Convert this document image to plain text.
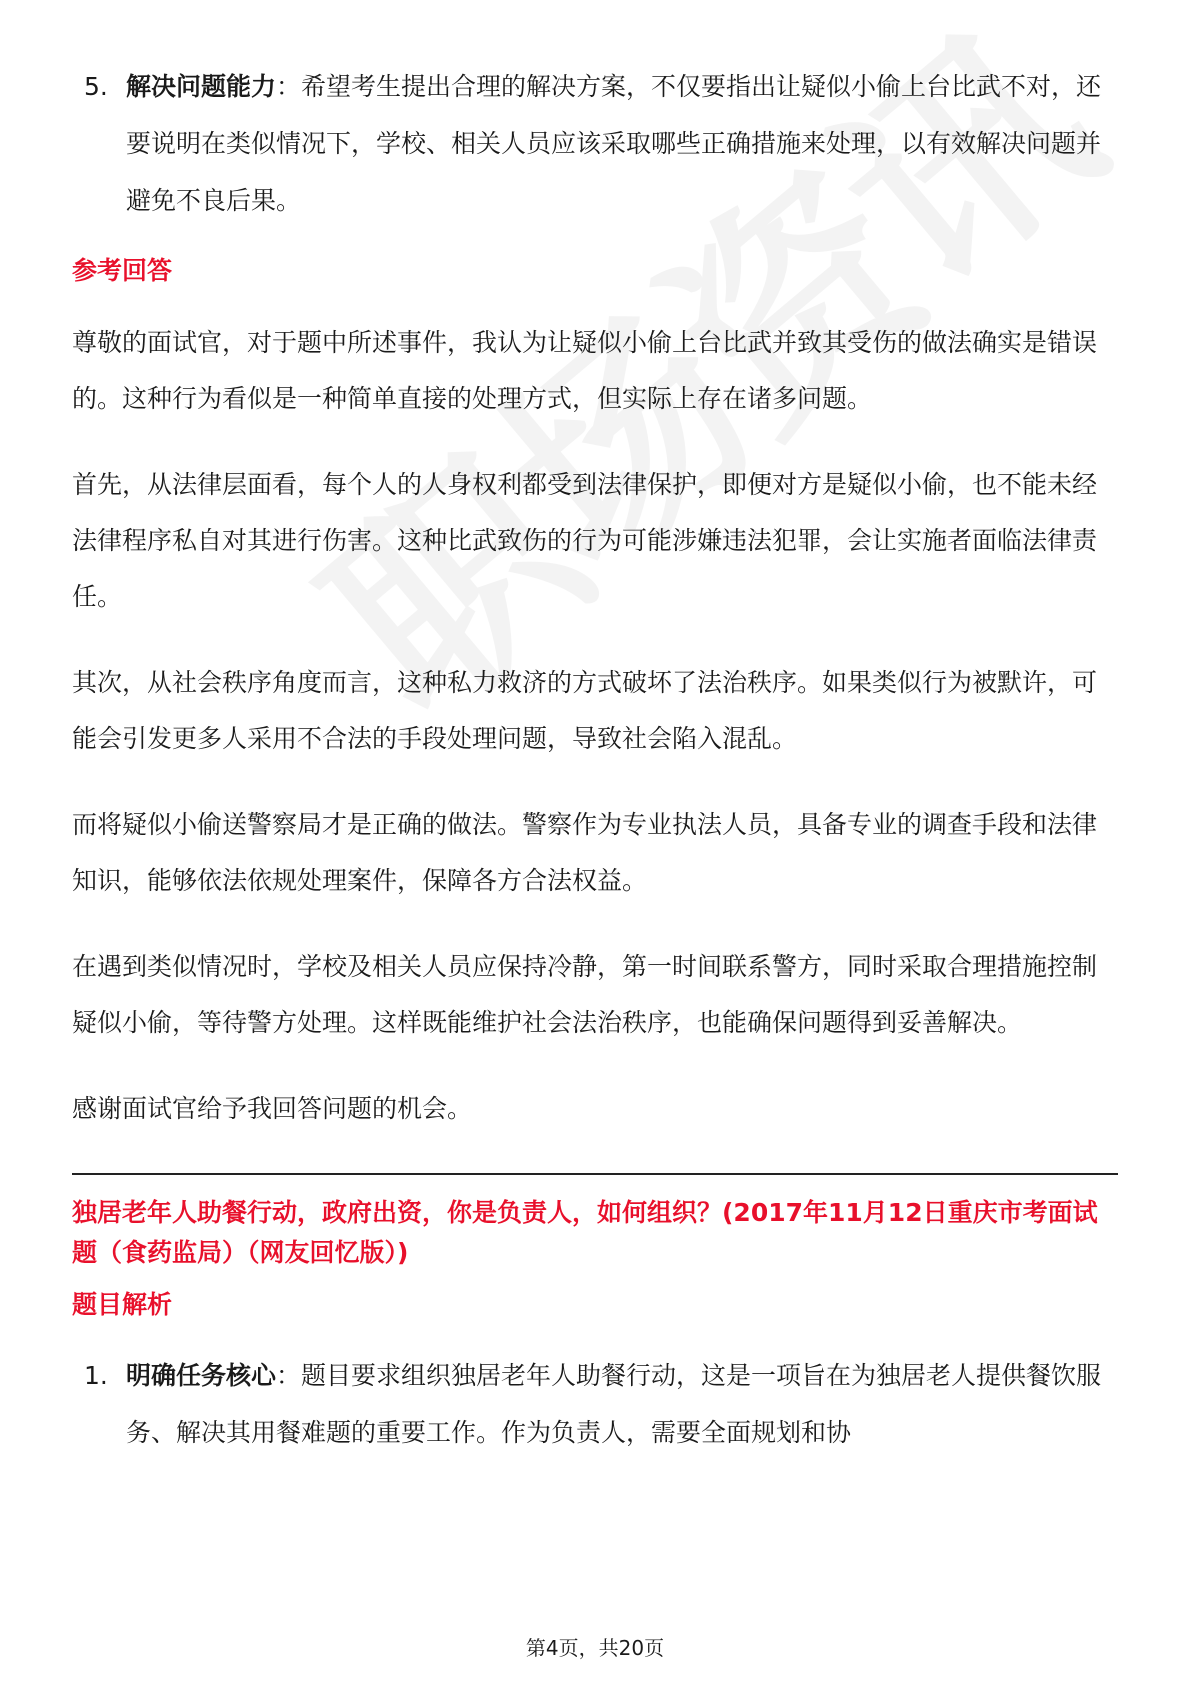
5. 解决问题能力：希望考生提出合理的解决方案，不仅要指出让疑似小偷上台比武不对，还要说明在类似情况下，学校、相关人员应该采取哪些正确措施来处理，以有效解决问题并避免不良后果。
参考回答

尊敬的面试官，对于题中所述事件，我认为让疑似小偷上台比武并致其受伤的做法确实是错误的。这种行为看似是一种简单直接的处理方式，但实际上存在诸多问题。

首先，从法律层面看，每个人的人身权利都受到法律保护，即便对方是疑似小偷，也不能未经法律程序私自对其进行伤害。这种比武致伤的行为可能涉嫌违法犯罪，会让实施者面临法律责任。

其次，从社会秩序角度而言，这种私力救济的方式破坏了法治秩序。如果类似行为被默许，可能会引发更多人采用不合法的手段处理问题，导致社会陷入混乱。

而将疑似小偷送警察局才是正确的做法。警察作为专业执法人员，具备专业的调查手段和法律知识，能够依法依规处理案件，保障各方合法权益。

在遇到类似情况时，学校及相关人员应保持冷静，第一时间联系警方，同时采取合理措施控制疑似小偷，等待警方处理。这样既能维护社会法治秩序，也能确保问题得到妥善解决。

感谢面试官给予我回答问题的机会。

独居老年人助餐行动，政府出资，你是负责人，如何组织？(2017年11月12日重庆市考面试题（食药监局）（网友回忆版）)
题目解析
1. 明确任务核心：题目要求组织独居老年人助餐行动，这是一项旨在为独居老人提供餐饮服务、解决其用餐难题的重要工作。作为负责人，需要全面规划和协
第4页，共20页
